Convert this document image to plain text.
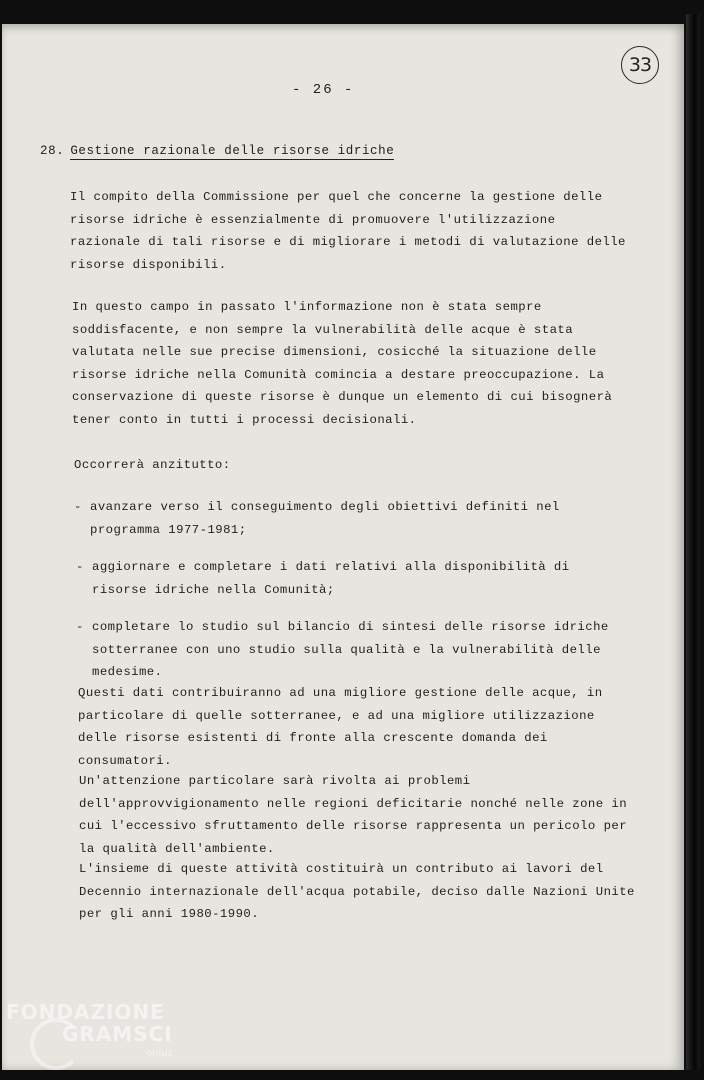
33
- 26 -
28. Gestione razionale delle risorse idriche

Il compito della Commissione per quel che concerne la gestione delle risorse idriche è essenzialmente di promuovere l'utilizzazione razionale di tali risorse e di migliorare i metodi di valutazione delle risorse disponibili.

In questo campo in passato l'informazione non è stata sempre soddisfacente, e non sempre la vulnerabilità delle acque è stata valutata nelle sue precise dimensioni, cosicché la situazione delle risorse idriche nella Comunità comincia a destare preoccupazione. La conservazione di queste risorse è dunque un elemento di cui bisognerà tener conto in tutti i processi decisionali.

Occorrerà anzitutto:

- avanzare verso il conseguimento degli obiettivi definiti nel programma 1977-1981;
- aggiornare e completare i dati relativi alla disponibilità di risorse idriche nella Comunità;
- completare lo studio sul bilancio di sintesi delle risorse idriche sotterranee con uno studio sulla qualità e la vulnerabilità delle medesime.

Questi dati contribuiranno ad una migliore gestione delle acque, in particolare di quelle sotterranee, e ad una migliore utilizzazione delle risorse esistenti di fronte alla crescente domanda dei consumatori.

Un'attenzione particolare sarà rivolta ai problemi dell'approvvigionamento nelle regioni deficitarie nonché nelle zone in cui l'eccessivo sfruttamento delle risorse rappresenta un pericolo per la qualità dell'ambiente.

L'insieme di queste attività costituirà un contributo ai lavori del Decennio internazionale dell'acqua potabile, deciso dalle Nazioni Unite per gli anni 1980-1990.

FONDAZIONE
GRAMSCI
onlus
